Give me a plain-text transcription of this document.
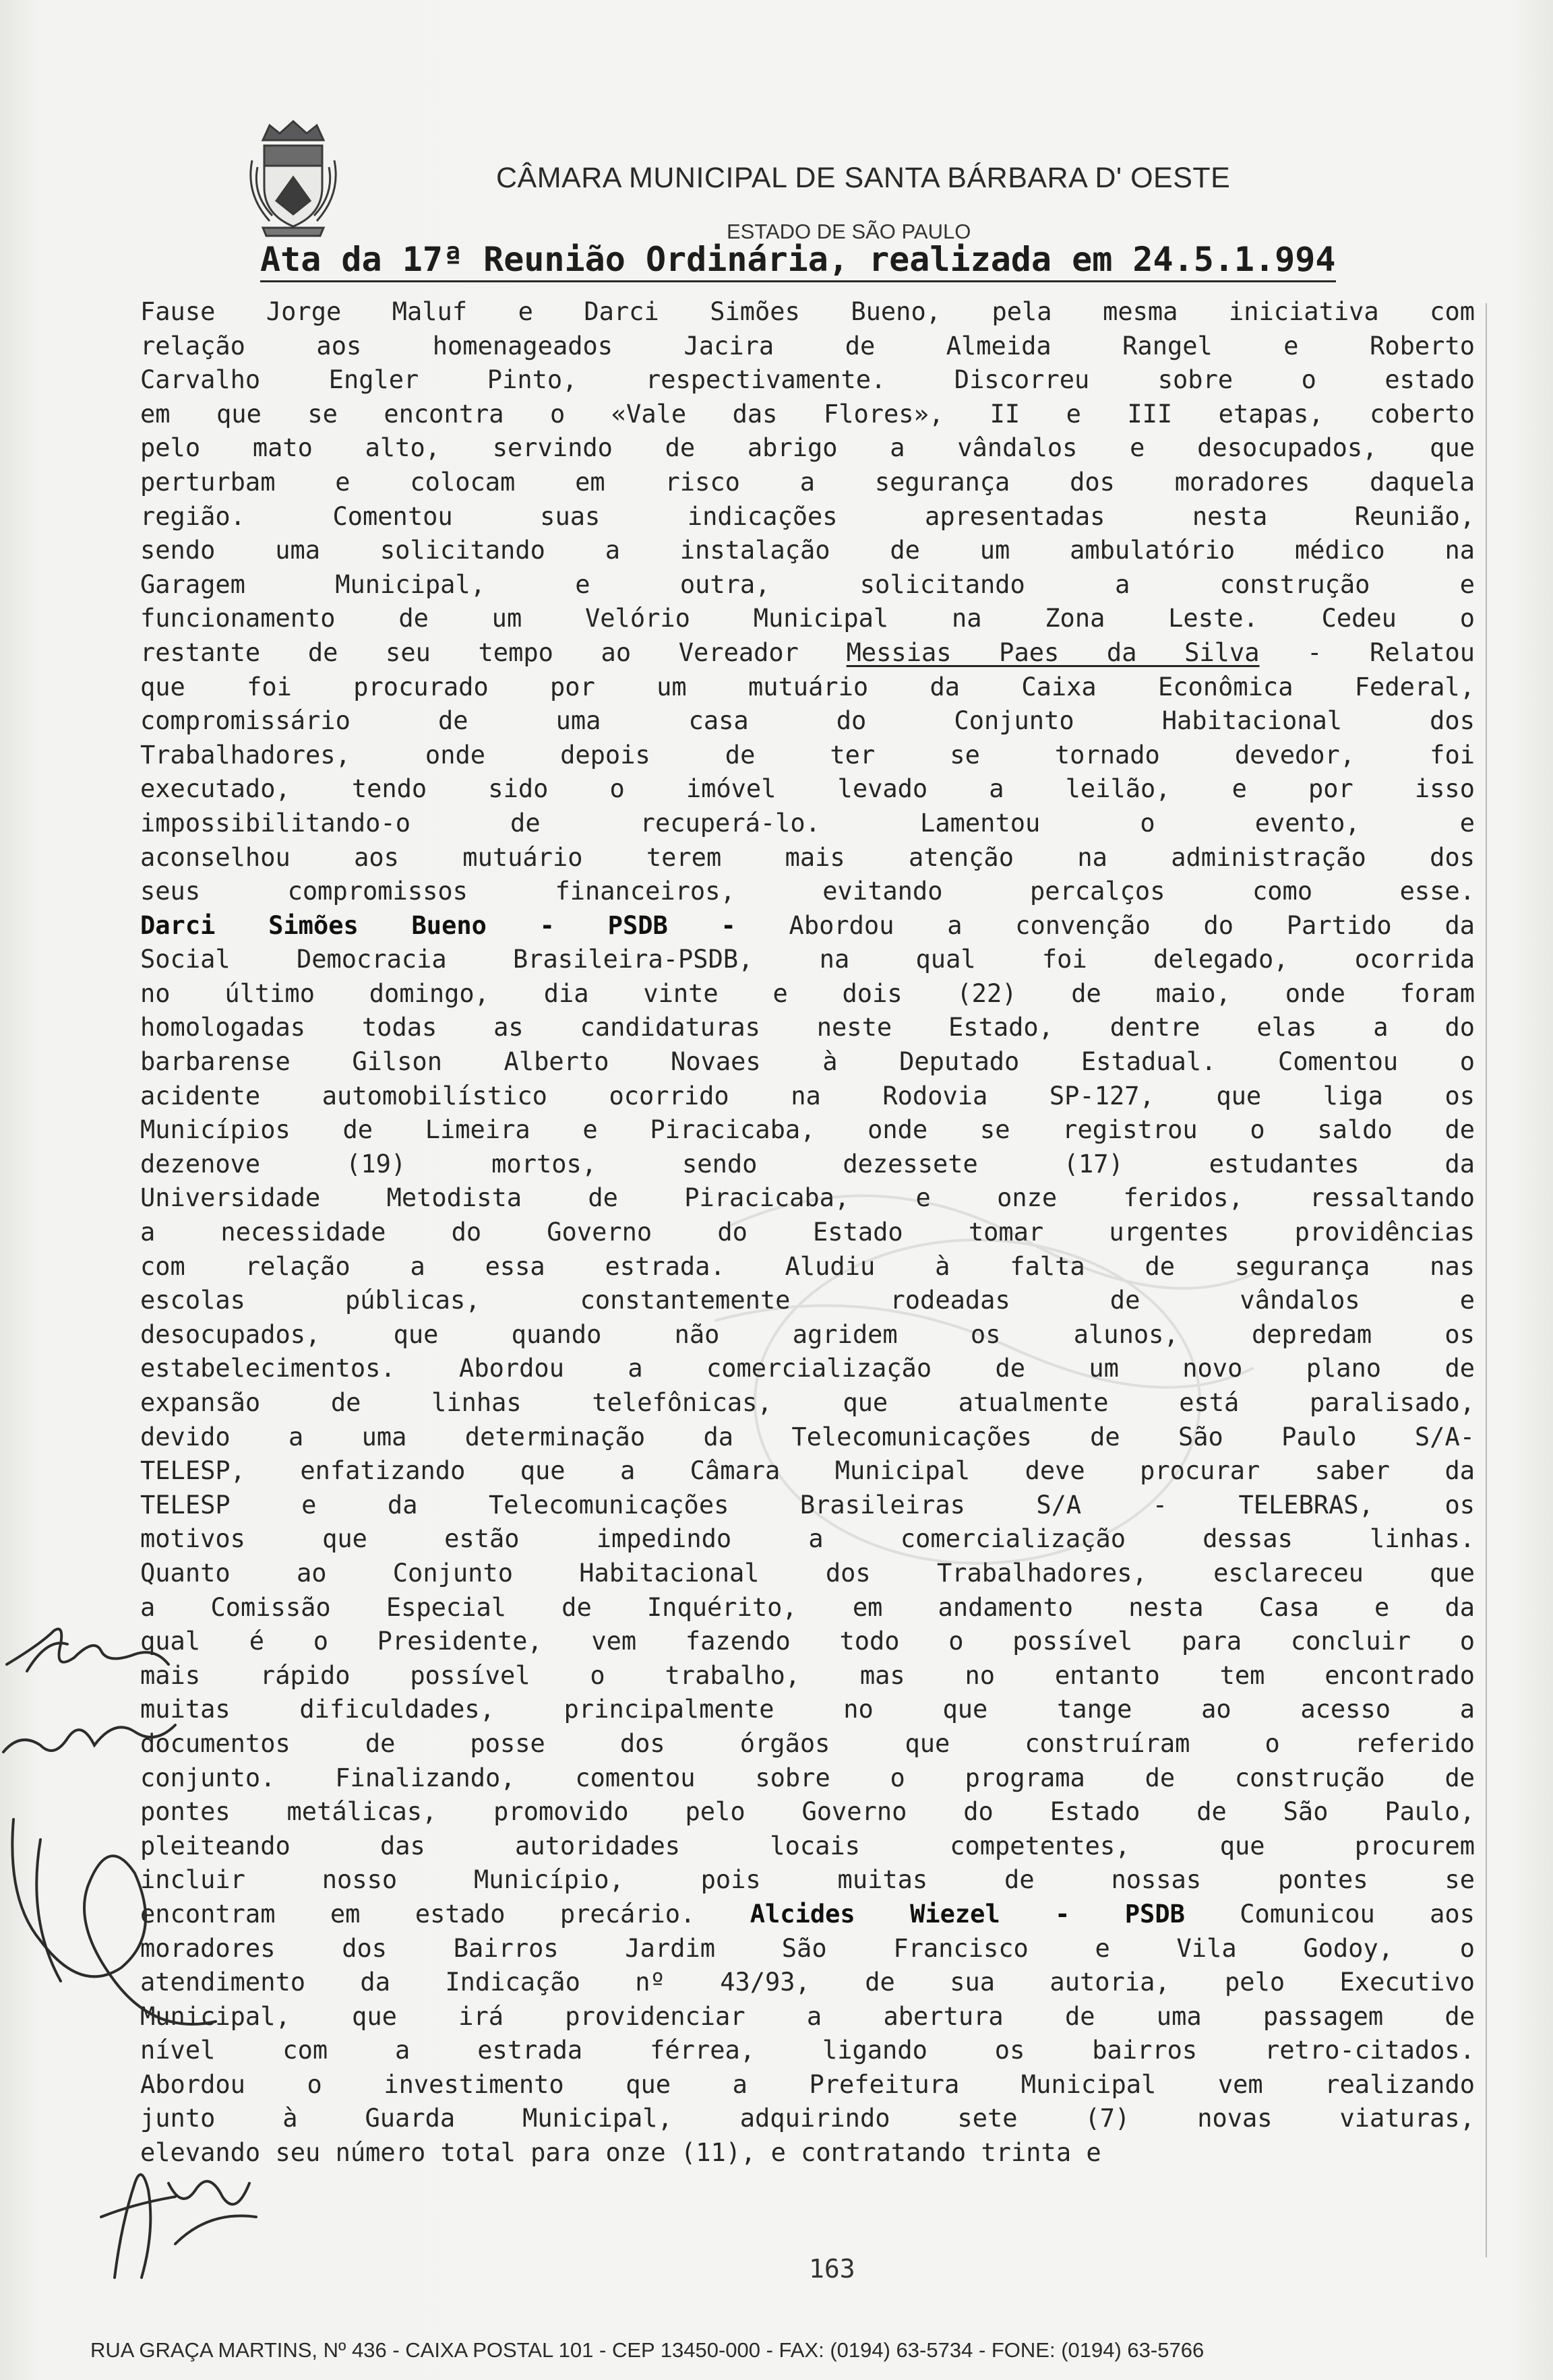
CÂMARA MUNICIPAL DE SANTA BÁRBARA D' OESTE
ESTADO DE SÃO PAULO
Ata da 17ª Reunião Ordinária, realizada em 24.5.1.994
Fause Jorge Maluf e Darci Simões Bueno, pela mesma iniciativa com
relação aos homenageados Jacira de Almeida Rangel e Roberto
Carvalho Engler Pinto, respectivamente. Discorreu sobre o estado
em que se encontra o «Vale das Flores», II e III etapas, coberto
pelo mato alto, servindo de abrigo a vândalos e desocupados, que
perturbam e colocam em risco a segurança dos moradores daquela
região. Comentou suas indicações apresentadas nesta Reunião,
sendo uma solicitando a instalação de um ambulatório médico na
Garagem Municipal, e outra, solicitando a construção e
funcionamento de um Velório Municipal na Zona Leste. Cedeu o
restante de seu tempo ao Vereador Messias Paes da Silva - Relatou
que foi procurado por um mutuário da Caixa Econômica Federal,
compromissário de uma casa do Conjunto Habitacional dos
Trabalhadores, onde depois de ter se tornado devedor, foi
executado, tendo sido o imóvel levado a leilão, e por isso
impossibilitando-o de recuperá-lo. Lamentou o evento, e
aconselhou aos mutuário terem mais atenção na administração dos
seus compromissos financeiros, evitando percalços como esse.
Darci Simões Bueno - PSDB - Abordou a convenção do Partido da
Social Democracia Brasileira-PSDB, na qual foi delegado, ocorrida
no último domingo, dia vinte e dois (22) de maio, onde foram
homologadas todas as candidaturas neste Estado, dentre elas a do
barbarense Gilson Alberto Novaes à Deputado Estadual. Comentou o
acidente automobilístico ocorrido na Rodovia SP-127, que liga os
Municípios de Limeira e Piracicaba, onde se registrou o saldo de
dezenove (19) mortos, sendo dezessete (17) estudantes da
Universidade Metodista de Piracicaba, e onze feridos, ressaltando
a necessidade do Governo do Estado tomar urgentes providências
com relação a essa estrada. Aludiu à falta de segurança nas
escolas públicas, constantemente rodeadas de vândalos e
desocupados, que quando não agridem os alunos, depredam os
estabelecimentos. Abordou a comercialização de um novo plano de
expansão de linhas telefônicas, que atualmente está paralisado,
devido a uma determinação da Telecomunicações de São Paulo S/A-
TELESP, enfatizando que a Câmara Municipal deve procurar saber da
TELESP e da Telecomunicações Brasileiras S/A - TELEBRAS, os
motivos que estão impedindo a comercialização dessas linhas.
Quanto ao Conjunto Habitacional dos Trabalhadores, esclareceu que
a Comissão Especial de Inquérito, em andamento nesta Casa e da
qual é o Presidente, vem fazendo todo o possível para concluir o
mais rápido possível o trabalho, mas no entanto tem encontrado
muitas dificuldades, principalmente no que tange ao acesso a
documentos de posse dos órgãos que construíram o referido
conjunto. Finalizando, comentou sobre o programa de construção de
pontes metálicas, promovido pelo Governo do Estado de São Paulo,
pleiteando das autoridades locais competentes, que procurem
incluir nosso Município, pois muitas de nossas pontes se
encontram em estado precário. Alcides Wiezel - PSDB Comunicou aos
moradores dos Bairros Jardim São Francisco e Vila Godoy, o
atendimento da Indicação nº 43/93, de sua autoria, pelo Executivo
Municipal, que irá providenciar a abertura de uma passagem de
nível com a estrada férrea, ligando os bairros retro-citados.
Abordou o investimento que a Prefeitura Municipal vem realizando
junto à Guarda Municipal, adquirindo sete (7) novas viaturas,
elevando seu número total para onze (11), e contratando trinta e
163
RUA GRAÇA MARTINS, Nº 436 - CAIXA POSTAL 101 - CEP 13450-000 - FAX: (0194) 63-5734 - FONE: (0194) 63-5766
